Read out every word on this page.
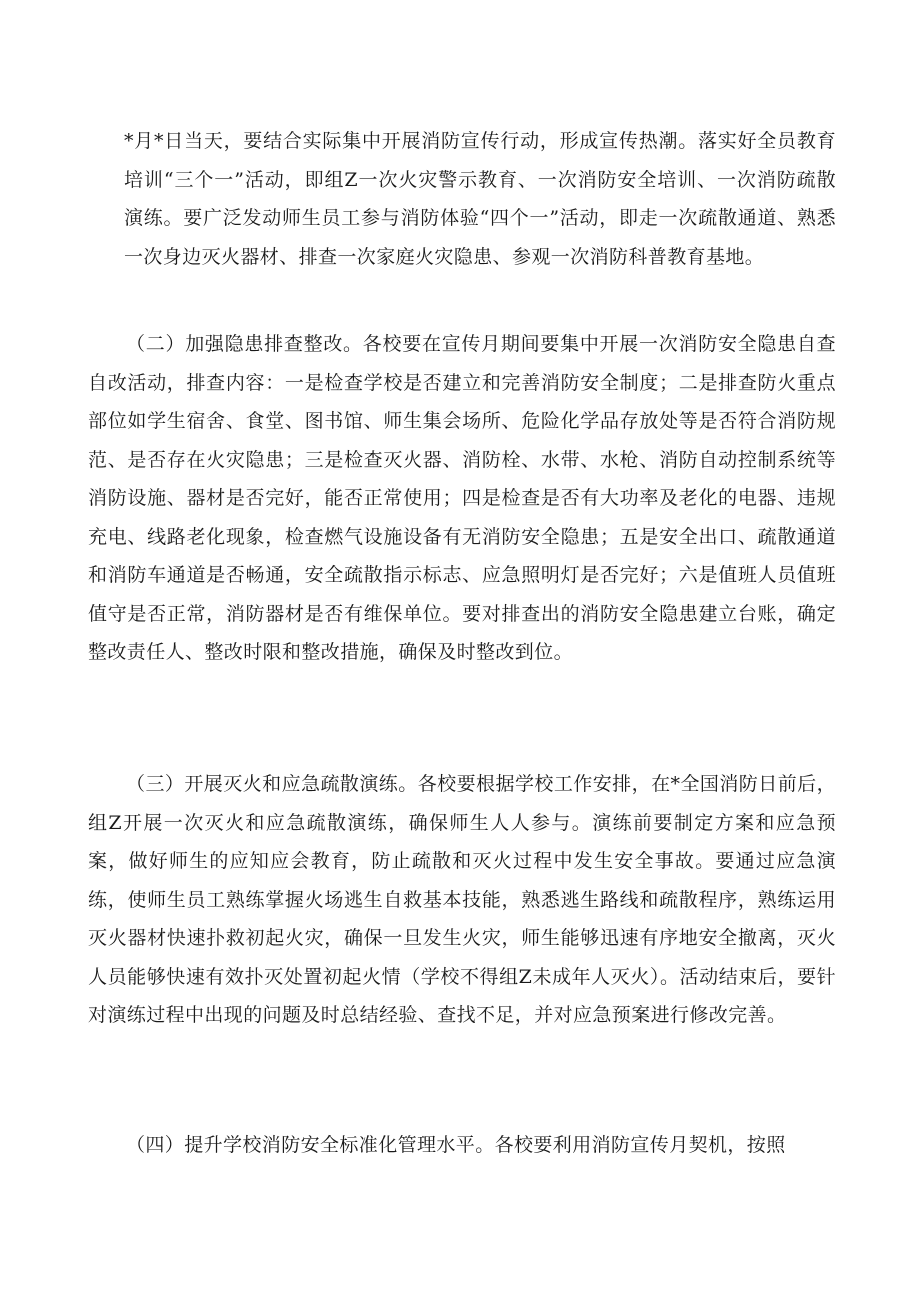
*月*日当天，要结合实际集中开展消防宣传行动，形成宣传热潮。落实好全员教育培训“三个一”活动，即组Z一次火灾警示教育、一次消防安全培训、一次消防疏散演练。要广泛发动师生员工参与消防体验“四个一”活动，即走一次疏散通道、熟悉一次身边灭火器材、排查一次家庭火灾隐患、参观一次消防科普教育基地。

（二）加强隐患排查整改。各校要在宣传月期间要集中开展一次消防安全隐患自查自改活动，排查内容：一是检查学校是否建立和完善消防安全制度；二是排查防火重点部位如学生宿舍、食堂、图书馆、师生集会场所、危险化学品存放处等是否符合消防规范、是否存在火灾隐患；三是检查灭火器、消防栓、水带、水枪、消防自动控制系统等消防设施、器材是否完好，能否正常使用；四是检查是否有大功率及老化的电器、违规充电、线路老化现象，检查燃气设施设备有无消防安全隐患；五是安全出口、疏散通道和消防车通道是否畅通，安全疏散指示标志、应急照明灯是否完好；六是值班人员值班值守是否正常，消防器材是否有维保单位。要对排查出的消防安全隐患建立台账，确定整改责任人、整改时限和整改措施，确保及时整改到位。

（三）开展灭火和应急疏散演练。各校要根据学校工作安排，在*全国消防日前后，组Z开展一次灭火和应急疏散演练，确保师生人人参与。演练前要制定方案和应急预案，做好师生的应知应会教育，防止疏散和灭火过程中发生安全事故。要通过应急演练，使师生员工熟练掌握火场逃生自救基本技能，熟悉逃生路线和疏散程序，熟练运用灭火器材快速扑救初起火灾，确保一旦发生火灾，师生能够迅速有序地安全撤离，灭火人员能够快速有效扑灭处置初起火情（学校不得组Z未成年人灭火）。活动结束后，要针对演练过程中出现的问题及时总结经验、查找不足，并对应急预案进行修改完善。

（四）提升学校消防安全标准化管理水平。各校要利用消防宣传月契机，按照
